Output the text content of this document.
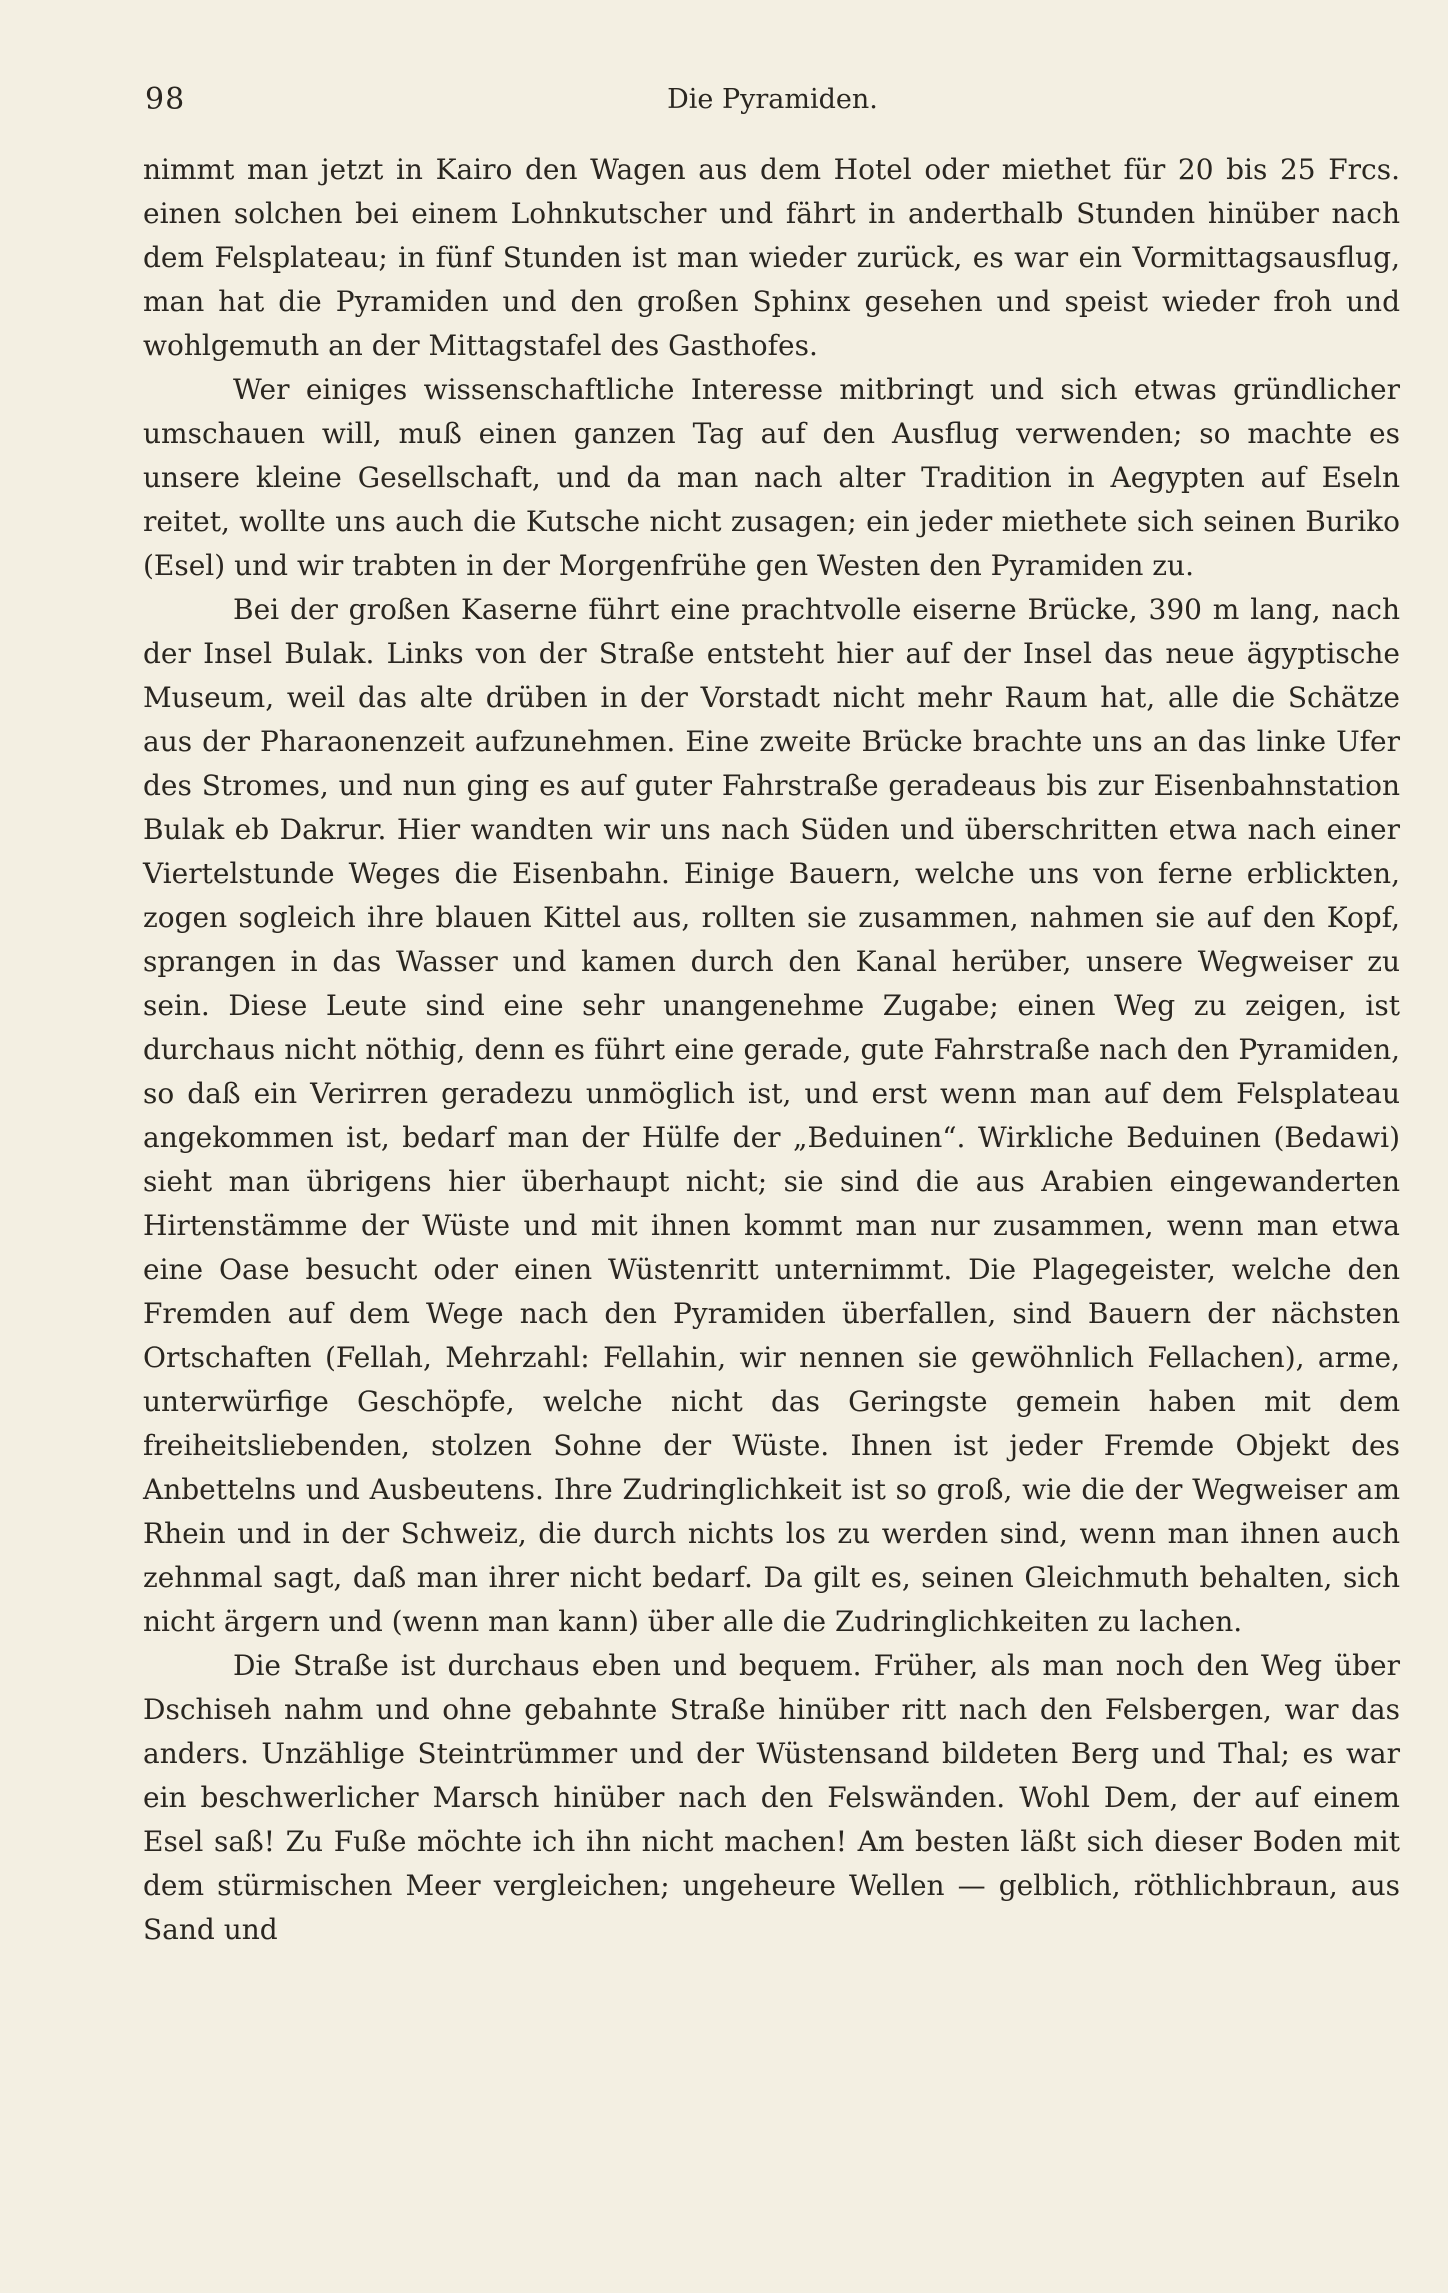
98	Die Pyramiden.

nimmt man jetzt in Kairo den Wagen aus dem Hotel oder miethet für 20 bis 25 Frcs. einen solchen bei einem Lohnkutscher und fährt in anderthalb Stunden hinüber nach dem Felsplateau; in fünf Stunden ist man wieder zurück, es war ein Vormittagsausflug, man hat die Pyramiden und den großen Sphinx gesehen und speist wieder froh und wohlgemuth an der Mittagstafel des Gasthofes.

Wer einiges wissenschaftliche Interesse mitbringt und sich etwas gründlicher umschauen will, muß einen ganzen Tag auf den Ausflug verwenden; so machte es unsere kleine Gesellschaft, und da man nach alter Tradition in Aegypten auf Eseln reitet, wollte uns auch die Kutsche nicht zusagen; ein jeder miethete sich seinen Buriko (Esel) und wir trabten in der Morgenfrühe gen Westen den Pyramiden zu.

Bei der großen Kaserne führt eine prachtvolle eiserne Brücke, 390 m lang, nach der Insel Bulak. Links von der Straße entsteht hier auf der Insel das neue ägyptische Museum, weil das alte drüben in der Vorstadt nicht mehr Raum hat, alle die Schätze aus der Pharaonenzeit aufzunehmen. Eine zweite Brücke brachte uns an das linke Ufer des Stromes, und nun ging es auf guter Fahrstraße geradeaus bis zur Eisenbahnstation Bulak eb Dakrur. Hier wandten wir uns nach Süden und überschritten etwa nach einer Viertelstunde Weges die Eisenbahn. Einige Bauern, welche uns von ferne erblickten, zogen sogleich ihre blauen Kittel aus, rollten sie zusammen, nahmen sie auf den Kopf, sprangen in das Wasser und kamen durch den Kanal herüber, unsere Wegweiser zu sein. Diese Leute sind eine sehr unangenehme Zugabe; einen Weg zu zeigen, ist durchaus nicht nöthig, denn es führt eine gerade, gute Fahrstraße nach den Pyramiden, so daß ein Verirren geradezu unmöglich ist, und erst wenn man auf dem Felsplateau angekommen ist, bedarf man der Hülfe der „Beduinen“. Wirkliche Beduinen (Bedawi) sieht man übrigens hier überhaupt nicht; sie sind die aus Arabien eingewanderten Hirtenstämme der Wüste und mit ihnen kommt man nur zusammen, wenn man etwa eine Oase besucht oder einen Wüstenritt unternimmt. Die Plagegeister, welche den Fremden auf dem Wege nach den Pyramiden überfallen, sind Bauern der nächsten Ortschaften (Fellah, Mehrzahl: Fellahin, wir nennen sie gewöhnlich Fellachen), arme, unterwürfige Geschöpfe, welche nicht das Geringste gemein haben mit dem freiheitsliebenden, stolzen Sohne der Wüste. Ihnen ist jeder Fremde Objekt des Anbettelns und Ausbeutens. Ihre Zudringlichkeit ist so groß, wie die der Wegweiser am Rhein und in der Schweiz, die durch nichts los zu werden sind, wenn man ihnen auch zehnmal sagt, daß man ihrer nicht bedarf. Da gilt es, seinen Gleichmuth behalten, sich nicht ärgern und (wenn man kann) über alle die Zudringlichkeiten zu lachen.

Die Straße ist durchaus eben und bequem. Früher, als man noch den Weg über Dschiseh nahm und ohne gebahnte Straße hinüber ritt nach den Felsbergen, war das anders. Unzählige Steintrümmer und der Wüstensand bildeten Berg und Thal; es war ein beschwerlicher Marsch hinüber nach den Felswänden. Wohl Dem, der auf einem Esel saß! Zu Fuße möchte ich ihn nicht machen! Am besten läßt sich dieser Boden mit dem stürmischen Meer vergleichen; ungeheure Wellen — gelblich, röthlichbraun, aus Sand und
